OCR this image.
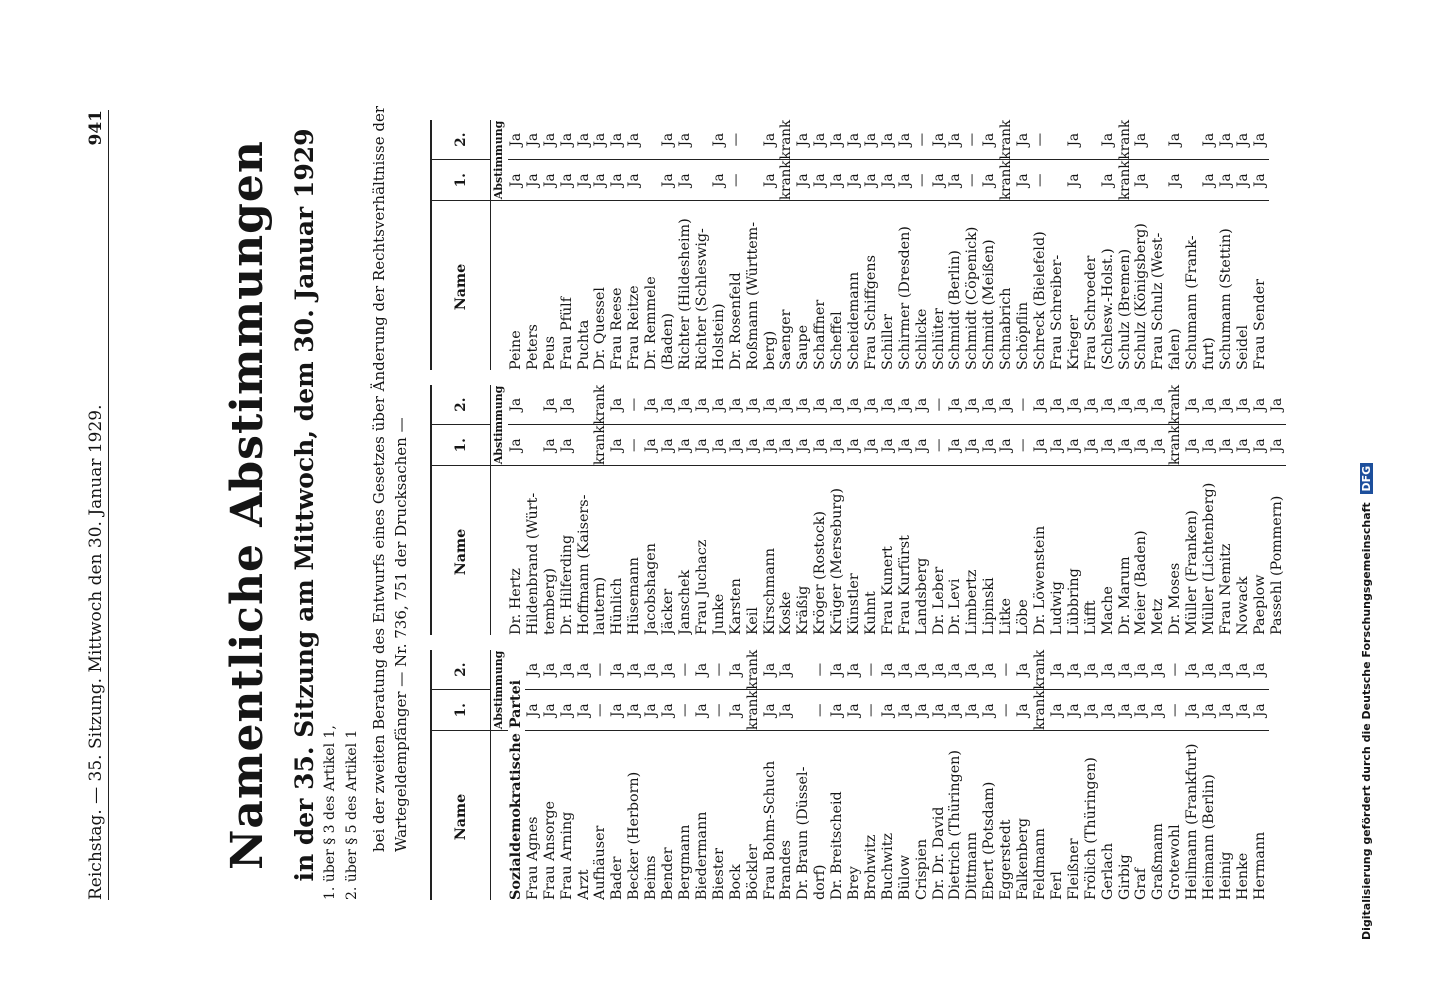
Reichstag. — 35. Sitzung. Mittwoch den 30. Januar 1929.
941
Namentliche Abstimmungen in der 35. Sitzung am Mittwoch, dem 30. Januar 1929 1. über § 3 des Artikel 1, 2. über § 5 des Artikel 1 bei der zweiten Beratung des Entwurfs eines Gesetzes über Änderung der Rechtsverhältnisse der Wartegeldempfänger — Nr. 736, 751 der Drucksachen —	Name	1.	2.
	Abstimmung	
Sozialdemokratische Partei		
Frau Agnes	Ja	Ja
Frau Ansorge	Ja	Ja
Frau Arning	Ja	Ja
Arzt	Ja	Ja
Aufhäuser	—	—
Bader	Ja	Ja
Becker (Herborn)	Ja	Ja
Beims	Ja	Ja
Bender	Ja	Ja
Bergmann	—	—
Biedermann	Ja	Ja
Biester	—	—
Bock	Ja	Ja
Böckler	krank	krank
Frau Bohm-Schuch	Ja	Ja
Brandes	Ja	Ja
Dr. Braun (Düssel-		
dorf)	—	—
Dr. Breitscheid	Ja	Ja
Brey	Ja	Ja
Brohwitz	—	—
Buchwitz	Ja	Ja
Bülow	Ja	Ja
Crispien	Ja	Ja
Dr. Dr. David	Ja	Ja
Dietrich (Thüringen)	Ja	Ja
Dittmann	Ja	Ja
Ebert (Potsdam)	Ja	Ja
Eggerstedt	—	—
Falkenberg	Ja	Ja
Feldmann	krank	krank
Ferl	Ja	Ja
Fleißner	Ja	Ja
Frölich (Thüringen)	Ja	Ja
Gerlach	Ja	Ja
Girbig	Ja	Ja
Graf	Ja	Ja
Graßmann	Ja	Ja
Grotewohl	—	—
Heilmann (Frankfurt)	Ja	Ja
Heimann (Berlin)	Ja	Ja
Heinig	Ja	Ja
Henke	Ja	Ja
Hermann	Ja	Ja
Name	1.	2.
	Abstimmung	
Dr. Hertz	Ja	Ja
Hildenbrand (Würt-		
temberg)	Ja	Ja
Dr. Hilferding	Ja	Ja
Hoffmann (Kaisers-		
lautern)	krank	krank
Hünlich	Ja	Ja
Hüsemann	—	—
Jacobshagen	Ja	Ja
Jäcker	Ja	Ja
Janschek	Ja	Ja
Frau Juchacz	Ja	Ja
Junke	Ja	Ja
Karsten	Ja	Ja
Keil	Ja	Ja
Kirschmann	Ja	Ja
Koske	Ja	Ja
Kräßig	Ja	Ja
Kröger (Rostock)	Ja	Ja
Krüger (Merseburg)	Ja	Ja
Künstler	Ja	Ja
Kuhnt	Ja	Ja
Frau Kunert	Ja	Ja
Frau Kurfürst	Ja	Ja
Landsberg	Ja	Ja
Dr. Leber	—	—
Dr. Levi	Ja	Ja
Limbertz	Ja	Ja
Lipinski	Ja	Ja
Litke	Ja	Ja
Löbe	—	—
Dr. Löwenstein	Ja	Ja
Ludwig	Ja	Ja
Lübbring	Ja	Ja
Lüfft	Ja	Ja
Mache	Ja	Ja
Dr. Marum	Ja	Ja
Meier (Baden)	Ja	Ja
Metz	Ja	Ja
Dr. Moses	krank	krank
Müller (Franken)	Ja	Ja
Müller (Lichtenberg)	Ja	Ja
Frau Nemitz	Ja	Ja
Nowack	Ja	Ja
Paeplow	Ja	Ja
Passehl (Pommern)	Ja	Ja
Name	1.	2.
	Abstimmung	
Peine	Ja	Ja
Peters	Ja	Ja
Peus	Ja	Ja
Frau Pfülf	Ja	Ja
Puchta	Ja	Ja
Dr. Quessel	Ja	Ja
Frau Reese	Ja	Ja
Frau Reitze	Ja	Ja
Dr. Remmele		
(Baden)	Ja	Ja
Richter (Hildesheim)	Ja	Ja
Richter (Schleswig-		
Holstein)	Ja	Ja
Dr. Rosenfeld	—	—
Roßmann (Württem-		
berg)	Ja	Ja
Saenger	krank	krank
Saupe	Ja	Ja
Schaffner	Ja	Ja
Scheffel	Ja	Ja
Scheidemann	Ja	Ja
Frau Schiffgens	Ja	Ja
Schiller	Ja	Ja
Schirmer (Dresden)	Ja	Ja
Schlicke	—	—
Schlüter	Ja	Ja
Schmidt (Berlin)	Ja	Ja
Schmidt (Cöpenick)	—	—
Schmidt (Meißen)	Ja	Ja
Schnabrich	krank	krank
Schöpflin	Ja	Ja
Schreck (Bielefeld)	—	—
Frau Schreiber-		
Krieger	Ja	Ja
Frau Schroeder		
(Schlesw.-Holst.)	Ja	Ja
Schulz (Bremen)	krank	krank
Schulz (Königsberg)	Ja	Ja
Frau Schulz (West-		
falen)	Ja	Ja
Schumann (Frank-		
furt)	Ja	Ja
Schumann (Stettin)	Ja	Ja
Seidel	Ja	Ja
Frau Sender	Ja	Ja
Digitalisierung gefördert durch die Deutsche Forschungsgemeinschaft DFG
